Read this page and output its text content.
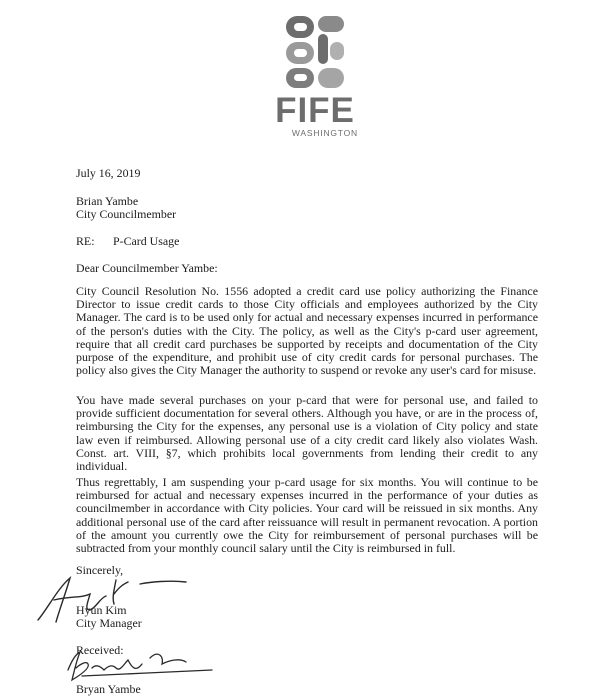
FIFE
WASHINGTON
July 16, 2019
Brian Yambe
City Councilmember
RE: P-Card Usage
Dear Councilmember Yambe:

City Council Resolution No. 1556 adopted a credit card use policy authorizing the Finance Director to issue credit cards to those City officials and employees authorized by the City Manager. The card is to be used only for actual and necessary expenses incurred in performance of the person's duties with the City. The policy, as well as the City's p-card user agreement, require that all credit card purchases be supported by receipts and documentation of the City purpose of the expenditure, and prohibit use of city credit cards for personal purchases. The policy also gives the City Manager the authority to suspend or revoke any user's card for misuse.

You have made several purchases on your p-card that were for personal use, and failed to provide sufficient documentation for several others. Although you have, or are in the process of, reimbursing the City for the expenses, any personal use is a violation of City policy and state law even if reimbursed. Allowing personal use of a city credit card likely also violates Wash. Const. art. VIII, §7, which prohibits local governments from lending their credit to any individual.

Thus regrettably, I am suspending your p-card usage for six months. You will continue to be reimbursed for actual and necessary expenses incurred in the performance of your duties as councilmember in accordance with City policies. Your card will be reissued in six months. Any additional personal use of the card after reissuance will result in permanent revocation. A portion of the amount you currently owe the City for reimbursement of personal purchases will be subtracted from your monthly council salary until the City is reimbursed in full.

Sincerely,
Hyun Kim
City Manager
Received:
Bryan Yambe
